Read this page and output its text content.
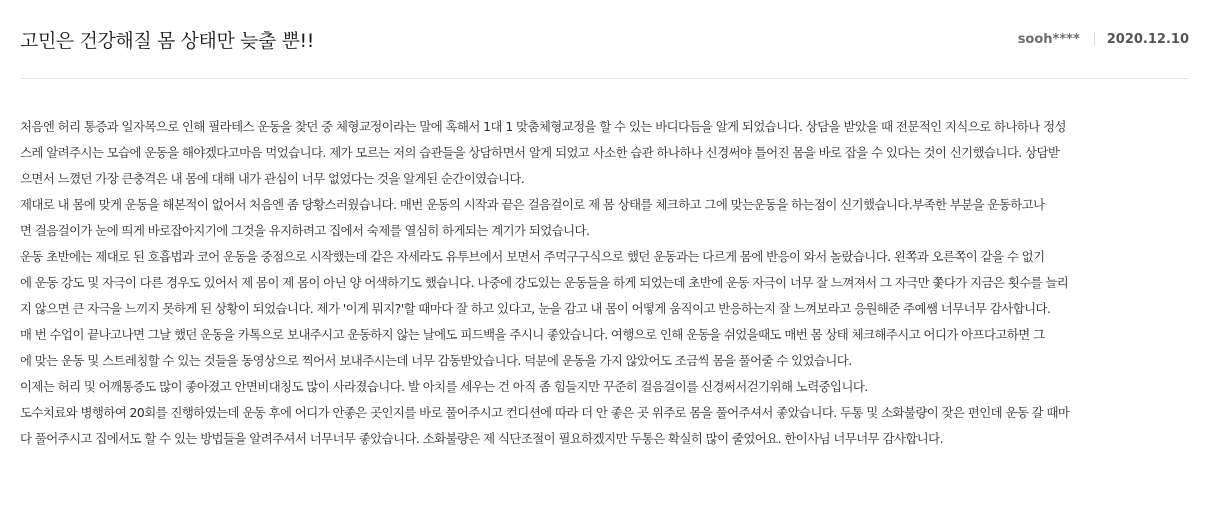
고민은 건강해질 몸 상태만 늦출 뿐!!	sooh**** 2020.12.10

처음엔 허리 통증과 일자목으로 인해 필라테스 운동을 찾던 중 체형교정이라는 말에 혹해서 1대 1 맞춤체형교정을 할 수 있는 바디다듬을 알게 되었습니다. 상담을 받았을 때 전문적인 지식으로 하나하나 정성

스레 알려주시는 모습에 운동을 해야겠다고마음 먹었습니다. 제가 모르는 저의 습관들을 상담하면서 알게 되었고 사소한 습관 하나하나 신경써야 틀어진 몸을 바로 잡을 수 있다는 것이 신기했습니다. 상담받

으면서 느꼈던 가장 큰충격은 내 몸에 대해 내가 관심이 너무 없었다는 것을 알게된 순간이였습니다.

제대로 내 몸에 맞게 운동을 해본적이 없어서 처음엔 좀 당황스러웠습니다. 매번 운동의 시작과 끝은 걸음걸이로 제 몸 상태를 체크하고 그에 맞는운동을 하는점이 신기했습니다.부족한 부분을 운동하고나

면 걸음걸이가 눈에 띄게 바로잡아지기에 그것을 유지하려고 집에서 숙제를 열심히 하게되는 계기가 되었습니다.

운동 초반에는 제대로 된 호흡법과 코어 운동을 중점으로 시작했는데 같은 자세라도 유투브에서 보면서 주먹구구식으로 했던 운동과는 다르게 몸에 반응이 와서 놀랐습니다. 왼쪽과 오른쪽이 같을 수 없기

에 운동 강도 및 자극이 다른 경우도 있어서 제 몸이 제 몸이 아닌 양 어색하기도 했습니다. 나중에 강도있는 운동들을 하게 되었는데 초반에 운동 자극이 너무 잘 느껴져서 그 자극만 쫓다가 지금은 횟수를 늘리

지 않으면 큰 자극을 느끼지 못하게 된 상황이 되었습니다. 제가 '이게 뭐지?'할 때마다 잘 하고 있다고, 눈을 감고 내 몸이 어떻게 움직이고 반응하는지 잘 느껴보라고 응원해준 주예쌤 너무너무 감사합니다.

매 번 수업이 끝나고나면 그날 했던 운동을 카톡으로 보내주시고 운동하지 않는 날에도 피드백을 주시니 좋았습니다. 여행으로 인해 운동을 쉬었을때도 매번 몸 상태 체크해주시고 어디가 아프다고하면 그

에 맞는 운동 및 스트레칭할 수 있는 것들을 동영상으로 찍어서 보내주시는데 너무 감동받았습니다. 덕분에 운동을 가지 않았어도 조금씩 몸을 풀어줄 수 있었습니다.

이제는 허리 및 어깨통증도 많이 좋아졌고 안면비대칭도 많이 사라졌습니다. 발 아치를 세우는 건 아직 좀 힘들지만 꾸준히 걸음걸이를 신경써서걷기위해 노력중입니다.

도수치료와 병행하여 20회를 진행하였는데 운동 후에 어디가 안좋은 곳인지를 바로 풀어주시고 컨디션에 따라 더 안 좋은 곳 위주로 몸을 풀어주셔서 좋았습니다. 두통 및 소화불량이 잦은 편인데 운동 갈 때마

다 풀어주시고 집에서도 할 수 있는 방법들을 알려주셔서 너무너무 좋았습니다. 소화불량은 제 식단조절이 필요하겠지만 두통은 확실히 많이 줄었어요. 한이사님 너무너무 감사합니다.
